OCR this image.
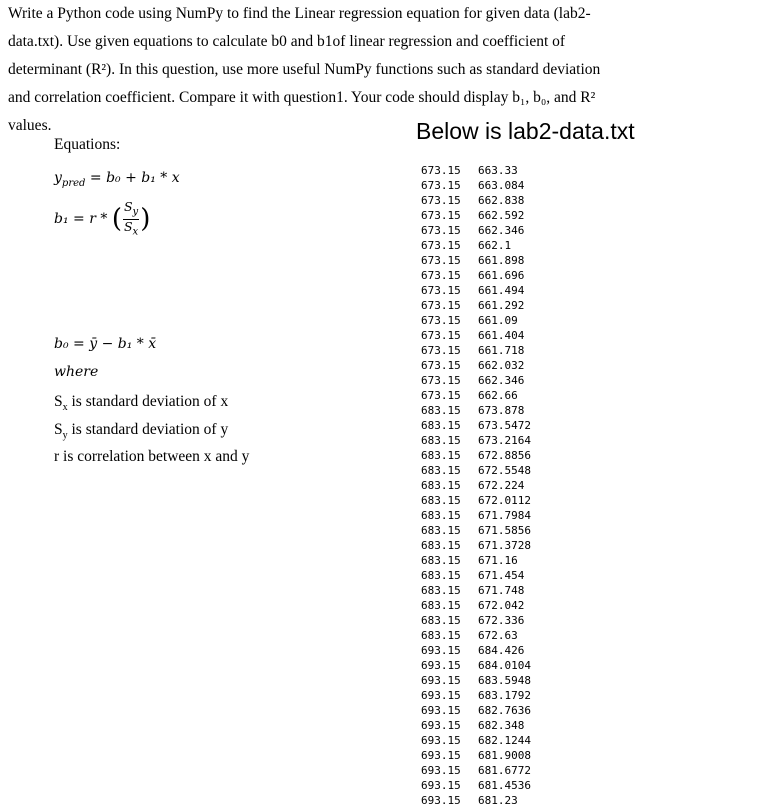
Write a Python code using NumPy to find the Linear regression equation for given data (lab2-

data.txt). Use given equations to calculate b0 and b1of linear regression and coefficient of

determinant (R²). In this question, use more useful NumPy functions such as standard deviation

and correlation coefficient. Compare it with question1. Your code should display b₁, b₀, and R²

values.

Equations:
$y_{pred} = b_0 + b_1 * x$
b₁ = r * ( $\frac{S_y}{S_x}$ )
b₀ = ȳ − b₁ * x̄
where
$S_x$ is standard deviation of x
$S_y$ is standard deviation of y
r is correlation between x and y
Below is lab2-data.txt
673.15 663.33
673.15 663.084
673.15 662.838
673.15 662.592
673.15 662.346
673.15 662.1
673.15 661.898
673.15 661.696
673.15 661.494
673.15 661.292
673.15 661.09
673.15 661.404
673.15 661.718
673.15 662.032
673.15 662.346
673.15 662.66
683.15 673.878
683.15 673.5472
683.15 673.2164
683.15 672.8856
683.15 672.5548
683.15 672.224
683.15 672.0112
683.15 671.7984
683.15 671.5856
683.15 671.3728
683.15 671.16
683.15 671.454
683.15 671.748
683.15 672.042
683.15 672.336
683.15 672.63
693.15 684.426
693.15 684.0104
693.15 683.5948
693.15 683.1792
693.15 682.7636
693.15 682.348
693.15 682.1244
693.15 681.9008
693.15 681.6772
693.15 681.4536
693.15 681.23
